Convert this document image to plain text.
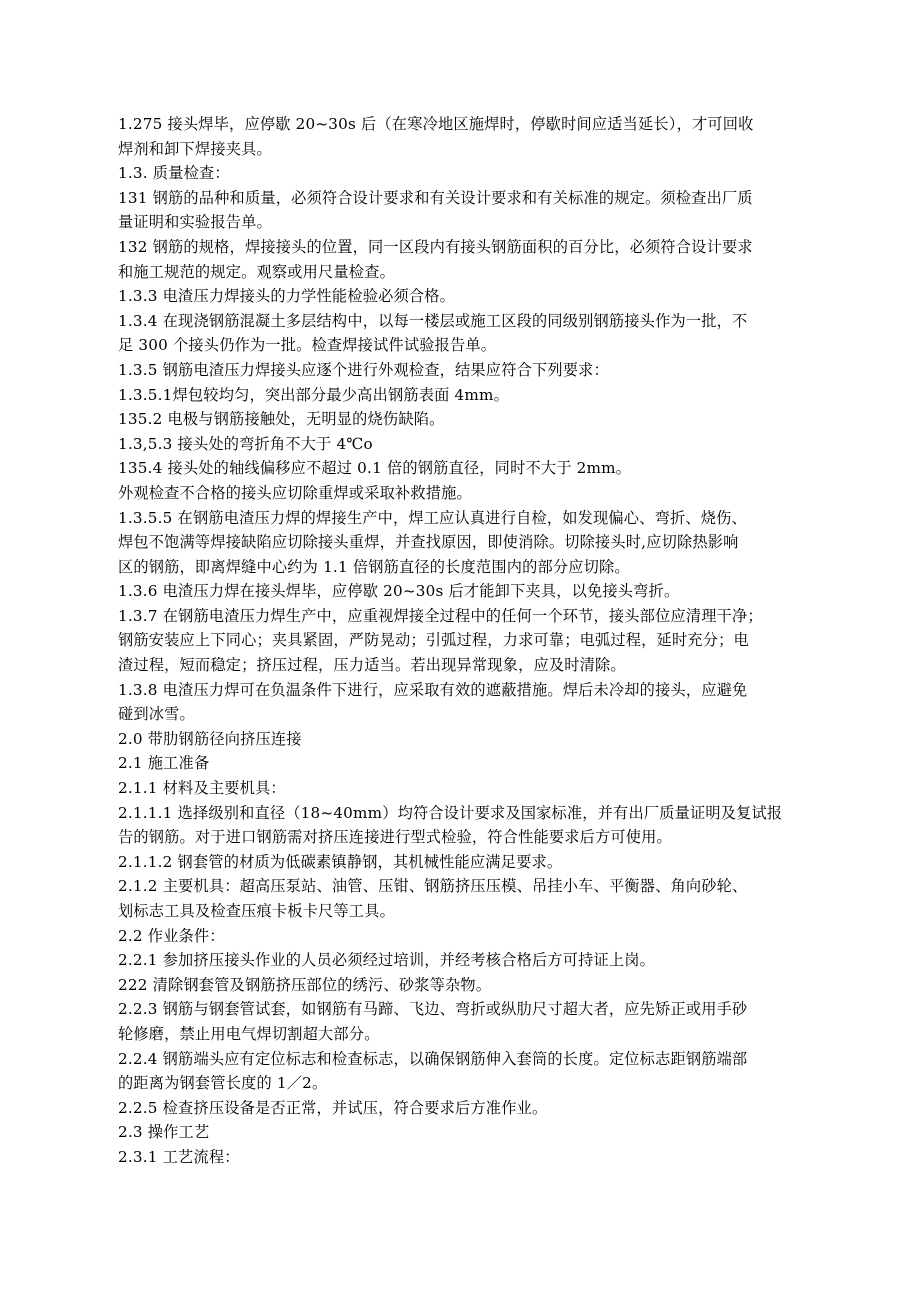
1.275 接头焊毕，应停歇 20~30s 后（在寒冷地区施焊时，停歇时间应适当延长），才可回收
焊剂和卸下焊接夹具。

1.3. 质量检查：

131 钢筋的品种和质量，必须符合设计要求和有关设计要求和有关标准的规定。须检查出厂质
量证明和实验报告单。

132 钢筋的规格，焊接接头的位置，同一区段内有接头钢筋面积的百分比，必须符合设计要求
和施工规范的规定。观察或用尺量检查。

1.3.3 电渣压力焊接头的力学性能检验必须合格。

1.3.4 在现浇钢筋混凝土多层结构中，以每一楼层或施工区段的同级别钢筋接头作为一批，不
足 300 个接头仍作为一批。检查焊接试件试验报告单。

1.3.5 钢筋电渣压力焊接头应逐个进行外观检查，结果应符合下列要求：

1.3.5.1焊包较均匀，突出部分最少高出钢筋表面 4mm。

135.2 电极与钢筋接触处，无明显的烧伤缺陷。

1.3,5.3 接头处的弯折角不大于 4℃o

135.4 接头处的轴线偏移应不超过 0.1 倍的钢筋直径，同时不大于 2mm。

外观检查不合格的接头应切除重焊或采取补救措施。

1.3.5.5 在钢筋电渣压力焊的焊接生产中，焊工应认真进行自检，如发现偏心、弯折、烧伤、
焊包不饱满等焊接缺陷应切除接头重焊，并查找原因，即使消除。切除接头时,应切除热影响
区的钢筋，即离焊缝中心约为 1.1 倍钢筋直径的长度范围内的部分应切除。

1.3.6 电渣压力焊在接头焊毕，应停歇 20~30s 后才能卸下夹具，以免接头弯折。

1.3.7 在钢筋电渣压力焊生产中，应重视焊接全过程中的任何一个环节，接头部位应清理干净；
钢筋安装应上下同心；夹具紧固，严防晃动；引弧过程，力求可靠；电弧过程，延时充分；电
渣过程，短而稳定；挤压过程，压力适当。若出现异常现象，应及时清除。

1.3.8 电渣压力焊可在负温条件下进行，应采取有效的遮蔽措施。焊后未冷却的接头，应避免
碰到冰雪。

2.0 带肋钢筋径向挤压连接

2.1 施工准备

2.1.1 材料及主要机具：

2.1.1.1 选择级别和直径（18~40mm）均符合设计要求及国家标准，并有出厂质量证明及复试报
告的钢筋。对于进口钢筋需对挤压连接进行型式检验，符合性能要求后方可使用。

2.1.1.2 钢套管的材质为低碳素镇静钢，其机械性能应满足要求。

2.1.2 主要机具：超高压泵站、油管、压钳、钢筋挤压压模、吊挂小车、平衡器、角向砂轮、
划标志工具及检查压痕卡板卡尺等工具。

2.2 作业条件：

2.2.1 参加挤压接头作业的人员必须经过培训，并经考核合格后方可持证上岗。

222 清除钢套管及钢筋挤压部位的绣污、砂浆等杂物。

2.2.3 钢筋与钢套管试套，如钢筋有马蹄、飞边、弯折或纵肋尺寸超大者，应先矫正或用手砂
轮修磨，禁止用电气焊切割超大部分。

2.2.4 钢筋端头应有定位标志和检查标志，以确保钢筋伸入套筒的长度。定位标志距钢筋端部
的距离为钢套管长度的 1／2。

2.2.5 检查挤压设备是否正常，并试压，符合要求后方准作业。

2.3 操作工艺

2.3.1 工艺流程：
